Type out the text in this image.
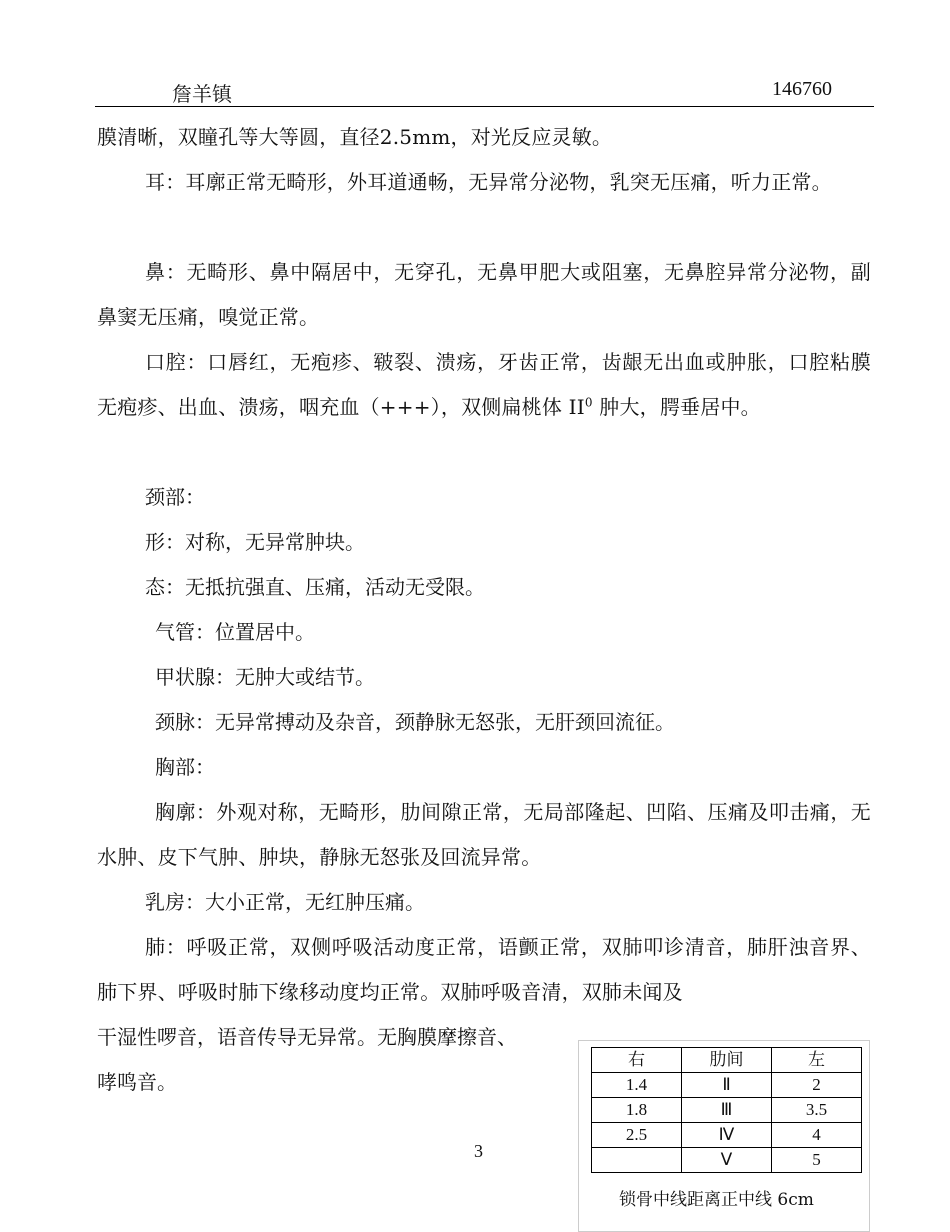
詹羊镇	146760

膜清晰，双瞳孔等大等圆，直径2.5mm，对光反应灵敏。

耳：耳廓正常无畸形，外耳道通畅，无异常分泌物，乳突无压痛，听力正常。

鼻：无畸形、鼻中隔居中，无穿孔，无鼻甲肥大或阻塞，无鼻腔异常分泌物，副鼻窦无压痛，嗅觉正常。

口腔：口唇红，无疱疹、皲裂、溃疡，牙齿正常，齿龈无出血或肿胀，口腔粘膜无疱疹、出血、溃疡，咽充血（+++），双侧扁桃体 $II^0$ 肿大，腭垂居中。

颈部：
形：对称，无异常肿块。
态：无抵抗强直、压痛，活动无受限。
气管：位置居中。
甲状腺：无肿大或结节。
颈脉：无异常搏动及杂音，颈静脉无怒张，无肝颈回流征。
胸部：

胸廓：外观对称，无畸形，肋间隙正常，无局部隆起、凹陷、压痛及叩击痛，无水肿、皮下气肿、肿块，静脉无怒张及回流异常。

乳房：大小正常，无红肿压痛。

肺：呼吸正常，双侧呼吸活动度正常，语颤正常，双肺叩诊清音，肺肝浊音界、肺下界、呼吸时肺下缘移动度均正常。双肺呼吸音清，双肺未闻及

干湿性啰音，语音传导无异常。无胸膜摩擦音、
哮鸣音。
3
右	肋间	左
1.4	Ⅱ	2
1.8	Ⅲ	3.5
2.5	Ⅳ	4
	Ⅴ	5
锁骨中线距离正中线 6cm
